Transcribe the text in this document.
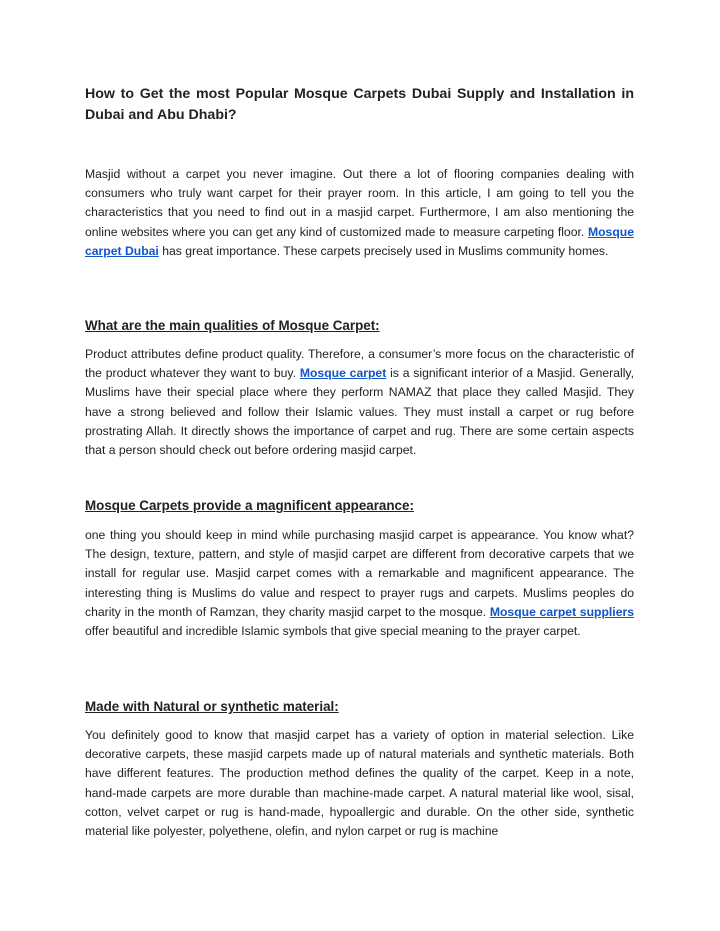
How to Get the most Popular Mosque Carpets Dubai Supply and Installation in Dubai and Abu Dhabi?

Masjid without a carpet you never imagine. Out there a lot of flooring companies dealing with consumers who truly want carpet for their prayer room. In this article, I am going to tell you the characteristics that you need to find out in a masjid carpet. Furthermore, I am also mentioning the online websites where you can get any kind of customized made to measure carpeting floor. Mosque carpet Dubai has great importance. These carpets precisely used in Muslims community homes.

What are the main qualities of Mosque Carpet:

Product attributes define product quality. Therefore, a consumer’s more focus on the characteristic of the product whatever they want to buy. Mosque carpet is a significant interior of a Masjid. Generally, Muslims have their special place where they perform NAMAZ that place they called Masjid. They have a strong believed and follow their Islamic values. They must install a carpet or rug before prostrating Allah. It directly shows the importance of carpet and rug. There are some certain aspects that a person should check out before ordering masjid carpet.

Mosque Carpets provide a magnificent appearance:

one thing you should keep in mind while purchasing masjid carpet is appearance. You know what? The design, texture, pattern, and style of masjid carpet are different from decorative carpets that we install for regular use. Masjid carpet comes with a remarkable and magnificent appearance. The interesting thing is Muslims do value and respect to prayer rugs and carpets. Muslims peoples do charity in the month of Ramzan, they charity masjid carpet to the mosque. Mosque carpet suppliers offer beautiful and incredible Islamic symbols that give special meaning to the prayer carpet.

Made with Natural or synthetic material:

You definitely good to know that masjid carpet has a variety of option in material selection. Like decorative carpets, these masjid carpets made up of natural materials and synthetic materials. Both have different features. The production method defines the quality of the carpet. Keep in a note, hand-made carpets are more durable than machine-made carpet. A natural material like wool, sisal, cotton, velvet carpet or rug is hand-made, hypoallergic and durable. On the other side, synthetic material like polyester, polyethene, olefin, and nylon carpet or rug is machine
